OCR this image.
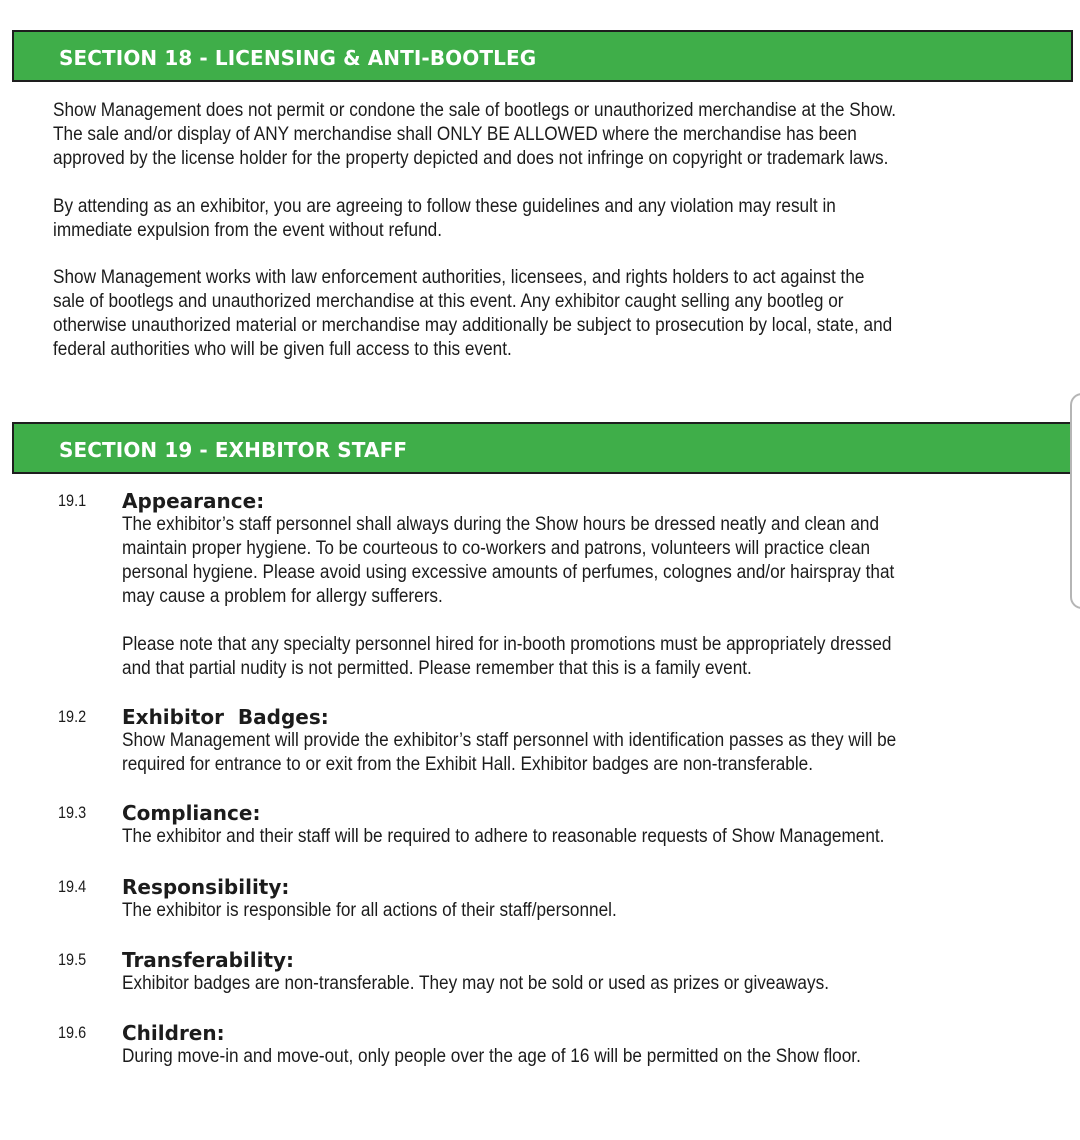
SECTION 18 - LICENSING & ANTI-BOOTLEG

Show Management does not permit or condone the sale of bootlegs or unauthorized merchandise at the Show.
The sale and/or display of ANY merchandise shall ONLY BE ALLOWED where the merchandise has been
approved by the license holder for the property depicted and does not infringe on copyright or trademark laws.

By attending as an exhibitor, you are agreeing to follow these guidelines and any violation may result in
immediate expulsion from the event without refund.

Show Management works with law enforcement authorities, licensees, and rights holders to act against the
sale of bootlegs and unauthorized merchandise at this event. Any exhibitor caught selling any bootleg or
otherwise unauthorized material or merchandise may additionally be subject to prosecution by local, state, and
federal authorities who will be given full access to this event.

SECTION 19 - EXHBITOR STAFF
19.1 Appearance:

The exhibitor’s staff personnel shall always during the Show hours be dressed neatly and clean and
maintain proper hygiene. To be courteous to co-workers and patrons, volunteers will practice clean
personal hygiene. Please avoid using excessive amounts of perfumes, colognes and/or hairspray that
may cause a problem for allergy sufferers.

Please note that any specialty personnel hired for in-booth promotions must be appropriately dressed
and that partial nudity is not permitted. Please remember that this is a family event.

19.2 Exhibitor  Badges:

Show Management will provide the exhibitor’s staff personnel with identification passes as they will be
required for entrance to or exit from the Exhibit Hall. Exhibitor badges are non-transferable.

19.3 Compliance:

The exhibitor and their staff will be required to adhere to reasonable requests of Show Management.

19.4 Responsibility:

The exhibitor is responsible for all actions of their staff/personnel.

19.5 Transferability:

Exhibitor badges are non-transferable. They may not be sold or used as prizes or giveaways.

19.6 Children:

During move-in and move-out, only people over the age of 16 will be permitted on the Show floor.
